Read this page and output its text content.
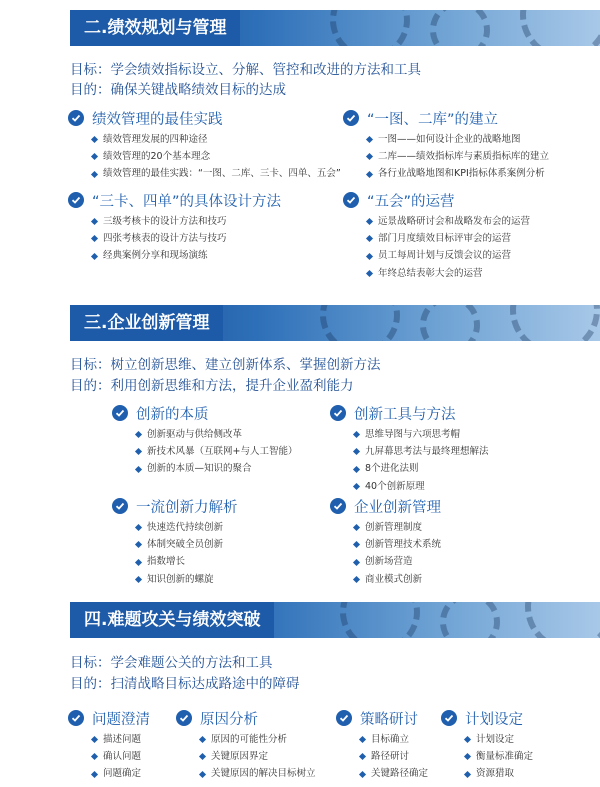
二.绩效规划与管理
目标：学会绩效指标设立、分解、管控和改进的方法和工具
目的：确保关键战略绩效目标的达成
绩效管理的最佳实践
绩效管理发展的四种途径
绩效管理的20个基本理念
绩效管理的最佳实践：“一图、二库、三卡、四单、五会”
“一图、二库”的建立
一图——如何设计企业的战略地图
二库——绩效指标库与素质指标库的建立
各行业战略地图和KPI指标体系案例分析
“三卡、四单”的具体设计方法
三级考核卡的设计方法和技巧
四张考核表的设计方法与技巧
经典案例分享和现场演练
“五会”的运营
远景战略研讨会和战略发布会的运营
部门月度绩效目标评审会的运营
员工每周计划与反馈会议的运营
年终总结表彰大会的运营
三.企业创新管理
目标：树立创新思维、建立创新体系、掌握创新方法
目的：利用创新思维和方法，提升企业盈利能力
创新的本质
创新驱动与供给侧改革
新技术风暴（互联网+与人工智能）
创新的本质—知识的聚合
创新工具与方法
思维导图与六项思考帽
九屏幕思考法与最终理想解法
8个进化法则
40个创新原理
一流创新力解析
快速迭代持续创新
体制突破全员创新
指数增长
知识创新的螺旋
企业创新管理
创新管理制度
创新管理技术系统
创新场营造
商业模式创新
四.难题攻关与绩效突破
目标：学会难题公关的方法和工具
目的：扫清战略目标达成路途中的障碍
问题澄清
描述问题
确认问题
问题确定
原因分析
原因的可能性分析
关键原因界定
关键原因的解决目标树立
策略研讨
目标确立
路径研讨
关键路径确定
计划设定
计划设定
衡量标准确定
资源猎取
